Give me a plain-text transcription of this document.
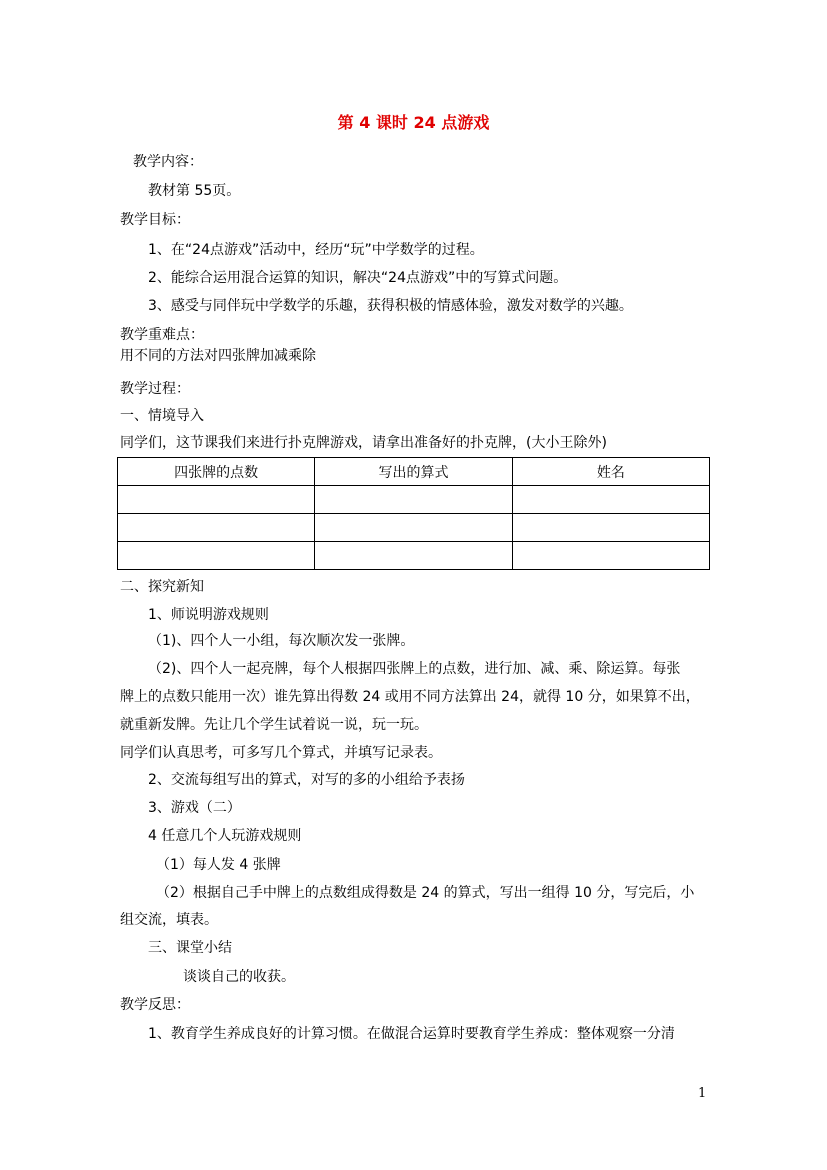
第 4 课时 24 点游戏
教学内容：
教材第 55页。
教学目标：
1、在“24点游戏”活动中，经历“玩”中学数学的过程。
2、能综合运用混合运算的知识，解决“24点游戏”中的写算式问题。
3、感受与同伴玩中学数学的乐趣，获得积极的情感体验，激发对数学的兴趣。
教学重难点：
用不同的方法对四张牌加减乘除
教学过程：
一、情境导入
同学们，这节课我们来进行扑克牌游戏，请拿出准备好的扑克牌，(大小王除外)
四张牌的点数	写出的算式	姓名

二、探究新知
1、师说明游戏规则
（1)、四个人一小组，每次顺次发一张牌。
（2)、四个人一起亮牌，每个人根据四张牌上的点数，进行加、减、乘、除运算。每张
牌上的点数只能用一次）谁先算出得数 24 或用不同方法算出 24，就得 10 分，如果算不出，
就重新发牌。先让几个学生试着说一说，玩一玩。
同学们认真思考，可多写几个算式，并填写记录表。
2、交流每组写出的算式，对写的多的小组给予表扬
3、游戏（二）
4 任意几个人玩游戏规则
（1）每人发 4 张牌
（2）根据自己手中牌上的点数组成得数是 24 的算式，写出一组得 10 分，写完后，小
组交流，填表。
三、课堂小结
谈谈自己的收获。
教学反思：
1、教育学生养成良好的计算习惯。在做混合运算时要教育学生养成：整体观察一分清
1
